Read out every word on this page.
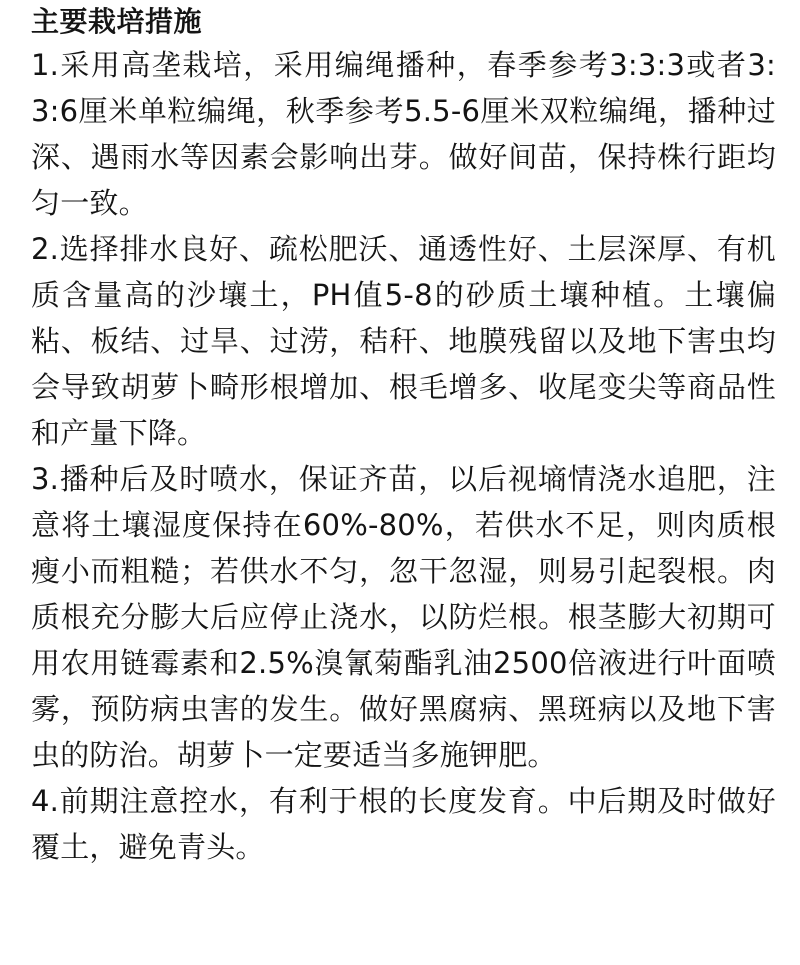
主要栽培措施

1.采用高垄栽培，采用编绳播种，春季参考3:3:3或者3:3:6厘米单粒编绳，秋季参考5.5-6厘米双粒编绳，播种过深、遇雨水等因素会影响出芽。做好间苗，保持株行距均匀一致。

2.选择排水良好、疏松肥沃、通透性好、土层深厚、有机质含量高的沙壤土，PH值5-8的砂质土壤种植。土壤偏粘、板结、过旱、过涝，秸秆、地膜残留以及地下害虫均会导致胡萝卜畸形根增加、根毛增多、收尾变尖等商品性和产量下降。

3.播种后及时喷水，保证齐苗，以后视墒情浇水追肥，注意将土壤湿度保持在60%-80%，若供水不足，则肉质根瘦小而粗糙；若供水不匀，忽干忽湿，则易引起裂根。肉质根充分膨大后应停止浇水，以防烂根。根茎膨大初期可用农用链霉素和2.5%溴氰菊酯乳油2500倍液进行叶面喷雾，预防病虫害的发生。做好黑腐病、黑斑病以及地下害虫的防治。胡萝卜一定要适当多施钾肥。

4.前期注意控水，有利于根的长度发育。中后期及时做好覆土，避免青头。
